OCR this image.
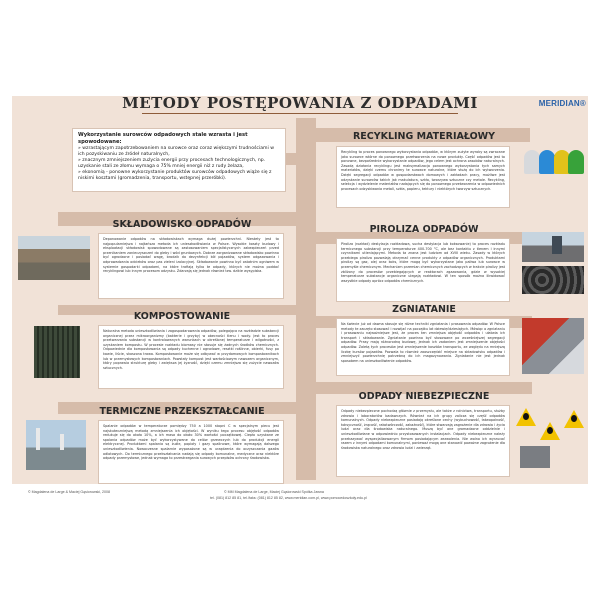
METODY POSTĘPOWANIA Z ODPADAMI	MERIDIAN®
Wykorzystanie surowców odpadowych stale wzrasta i jest spowodowane:
» wzrastającym zapotrzebowaniem na surowce oraz coraz większymi trudnościami w ich pozyskiwaniu ze źródeł naturalnych,
» znacznym zmniejszeniem zużycia energii przy procesach technologicznych, np. uzyskanie stali ze złomu wymaga o 75% mniej energii niż z rudy żelaza,
» ekonomią - ponowne wykorzystanie produktów surowców odpadowych wiąże się z niskimi kosztami (gromadzenia, transportu, wstępnej przeróbki).
RECYKLING MATERIAŁOWY
Recykling to proces ponownego wykorzystania odpadów, w którym zużyte wyroby są zwracane jako surowce wtórne do ponownego przetworzenia na nowe produkty. Część odpadów jest to ponowne, bezpośrednie wykorzystanie odpadów, jego celem jest ochrona zasobów naturalnych. Zasadą działania recyklingu jest maksymalizacja ponownego wykorzystania tych samych materiałów, dzięki czemu chronimy te surowce naturalne, które służą do ich wytworzenia. Dzięki segregacji odpadów w gospodarstwach domowych i zakładach pracy, możliwe jest odzyskanie surowców takich jak makulatura, szkło, tworzywa sztuczne czy metale. Recykling, selekcja i wydzielenie materiałów nadających się do ponownego przetworzenia w odpowiednich procesach odzyskiwania metali, szkła, papieru, tektury i niektórych tworzyw sztucznych.
PIROLIZA ODPADÓW
Piroliza (rozkład) destylacja rozkładowa, sucha destylacja lub koksowanie) to proces rozkładu termicznego substancji przy temperaturze 400-700 °C, ale bez kontaktu z tlenem i innymi czynnikami utleniającymi. Metoda ta znana jest ludziom od XVIII wieku. Zasady w których przebiega piroliza pozwalają otrzymać cenne produkty z odpadów organicznych. Produktami pirolizy są gaz, olej oraz koks, które mogą być wykorzystane jako paliwa lub surowce w przemyśle chemicznym. Mechanizm przemian chemicznych zachodzących w trakcie pirolizy jest zbliżony do procesów przebiegających w reaktorach zgazowania, gdzie w wysokiej temperaturze substancje organiczne ulegają rozkładowi. W ten sposób można likwidować wszystkie odpady oprócz odpadów chemicznych.
ZGNIATANIE
Na świecie już od dawna stosuje się różne techniki zgniatania i prasowania odpadów. W Polsce metody te zaczęto stosować i rozwijać na początku lat dziewięćdziesiątych. Mówiąc o zgniataniu i prasowaniu najważniejsze jest, że proces ten zmniejsza objętość odpadów i ułatwia ich transport i składowanie. Zgniatanie powinno być stosowane po wcześniejszej segregacji odpadów. Prasy mają różnorodną budowę, jednak ich zadaniem jest zmniejszenie objętości odpadów. Zaletą tych procesów jest zmniejszenie kosztów transportu, ze względu na mniejszą liczbę kursów pojazdów. Pozwala to również zaoszczędzić miejsce na składowisku odpadów i zmniejszyć powierzchnię potrzebną do ich magazynowania. Zgniatanie nie jest jednak sposobem na unieszkodliwienie odpadów.
ODPADY NIEBEZPIECZNE
Odpady niebezpieczne pochodzą głównie z przemysłu, ale także z rolnictwa, transportu, służby zdrowia i laboratoriów badawczych. Również na ich grupy zalicza się część odpadów komunalnych. Odpady niebezpieczne posiadają określone cechy (wybuchowość, łatwopalność, toksyczność, żrącość, rakotwórczość, zakaźność), które stwarzają zagrożenie dla zdrowia i życia ludzi oraz dla środowiska naturalnego. Muszą być one gromadzone oddzielnie i unieszkodliwiane w odpowiednio przystosowanych instalacjach. Odpady niebezpieczne należy przekazywać wyspecjalizowanym firmom posiadającym zezwolenia. Nie wolno ich wyrzucać razem z innymi odpadami komunalnymi, ponieważ mogą one stanowić poważne zagrożenie dla środowiska naturalnego oraz zdrowia ludzi i zwierząt.
SKŁADOWISKO ODPADÓW
Deponowanie odpadów na składowiskach wymaga dużej powierzchni. Niestety jest to najpopularniejsza i najtańsza metoda ich unieszkodliwiania w Polsce. Wysokie koszty budowy i eksploatacji składowisk spowodowane są zastosowaniem specjalistycznych zabezpieczeń przed przenikaniem zanieczyszczeń do gleby i wód gruntowych. Dobrze zorganizowane składowisko powinno być ogrodzone i posiadać wagę, brodzik do dezynfekcji kół pojazdów, system odgazowania i odprowadzania odcieków oraz pas zieleni izolacyjnej. Składowanie powinno być ostatnim ogniwem w systemie gospodarki odpadami, na które trafiają tylko te odpady, których nie można poddać recyklingowi lub innym procesom odzysku. Zdarzają się jednak również tzw. dzikie wysypiska.
KOMPOSTOWANIE
Naturalna metoda unieszkodliwiania i zagospodarowania odpadów, polegająca na rozkładzie substancji organicznej przez mikroorganizmy (bakterie i grzyby) w obecności tlenu i wody. Jest to proces przetwarzania substancji w kontrolowanych warunkach w określonej temperaturze i wilgotności, z uzyskaniem kompostu. W procesie rozkładu biomasy nie stosuje się żadnych środków chemicznych. Odpowiednie dla kompostowania są odpady kuchenne i ogrodowe, resztki roślinne, obierki, fusy po kawie, liście, skoszona trawa. Kompostowanie może się odbywać w przydomowych kompostownikach lub w przemysłowych kompostowniach. Powstały kompost jest wartościowym nawozem organicznym, który poprawia strukturę gleby i zwiększa jej żyzność, dzięki czemu zmniejsza się zużycie nawozów sztucznych.
TERMICZNE PRZEKSZTAŁCANIE
Spalanie odpadów w temperaturze pomiędzy 750 a 1000 stopni C w specjalnym piecu jest najskuteczniejszą metodą zmniejszenia ich objętości. W wyniku tego procesu objętość odpadów redukuje się do około 10%, a ich masa do około 30% wartości początkowej. Ciepło uzyskane ze spalania odpadów może być wykorzystywane do celów grzewczych lub do produkcji energii elektrycznej. Produktami spalania są żużle, popioły i gazy spalinowe, które wymagają dalszego unieszkodliwienia. Nowoczesne spalarnie wyposażone są w urządzenia do oczyszczania gazów odlotowych. Do termicznego przekształcania nadają się odpady komunalne, medyczne oraz niektóre odpady przemysłowe, jednak wymaga to przestrzegania surowych przepisów ochrony środowiska.
© Magdalena de Large & Maciej Gąsiorowski, 2008	© MM Magdalena de Large, Maciej Gąsiorowski Spółka Jawna
tel. (081) 812 85 81, tel./faks: (081) 812 85 82, www.meridian.com.pl, www.pomocedoszkoły.edu.pl
